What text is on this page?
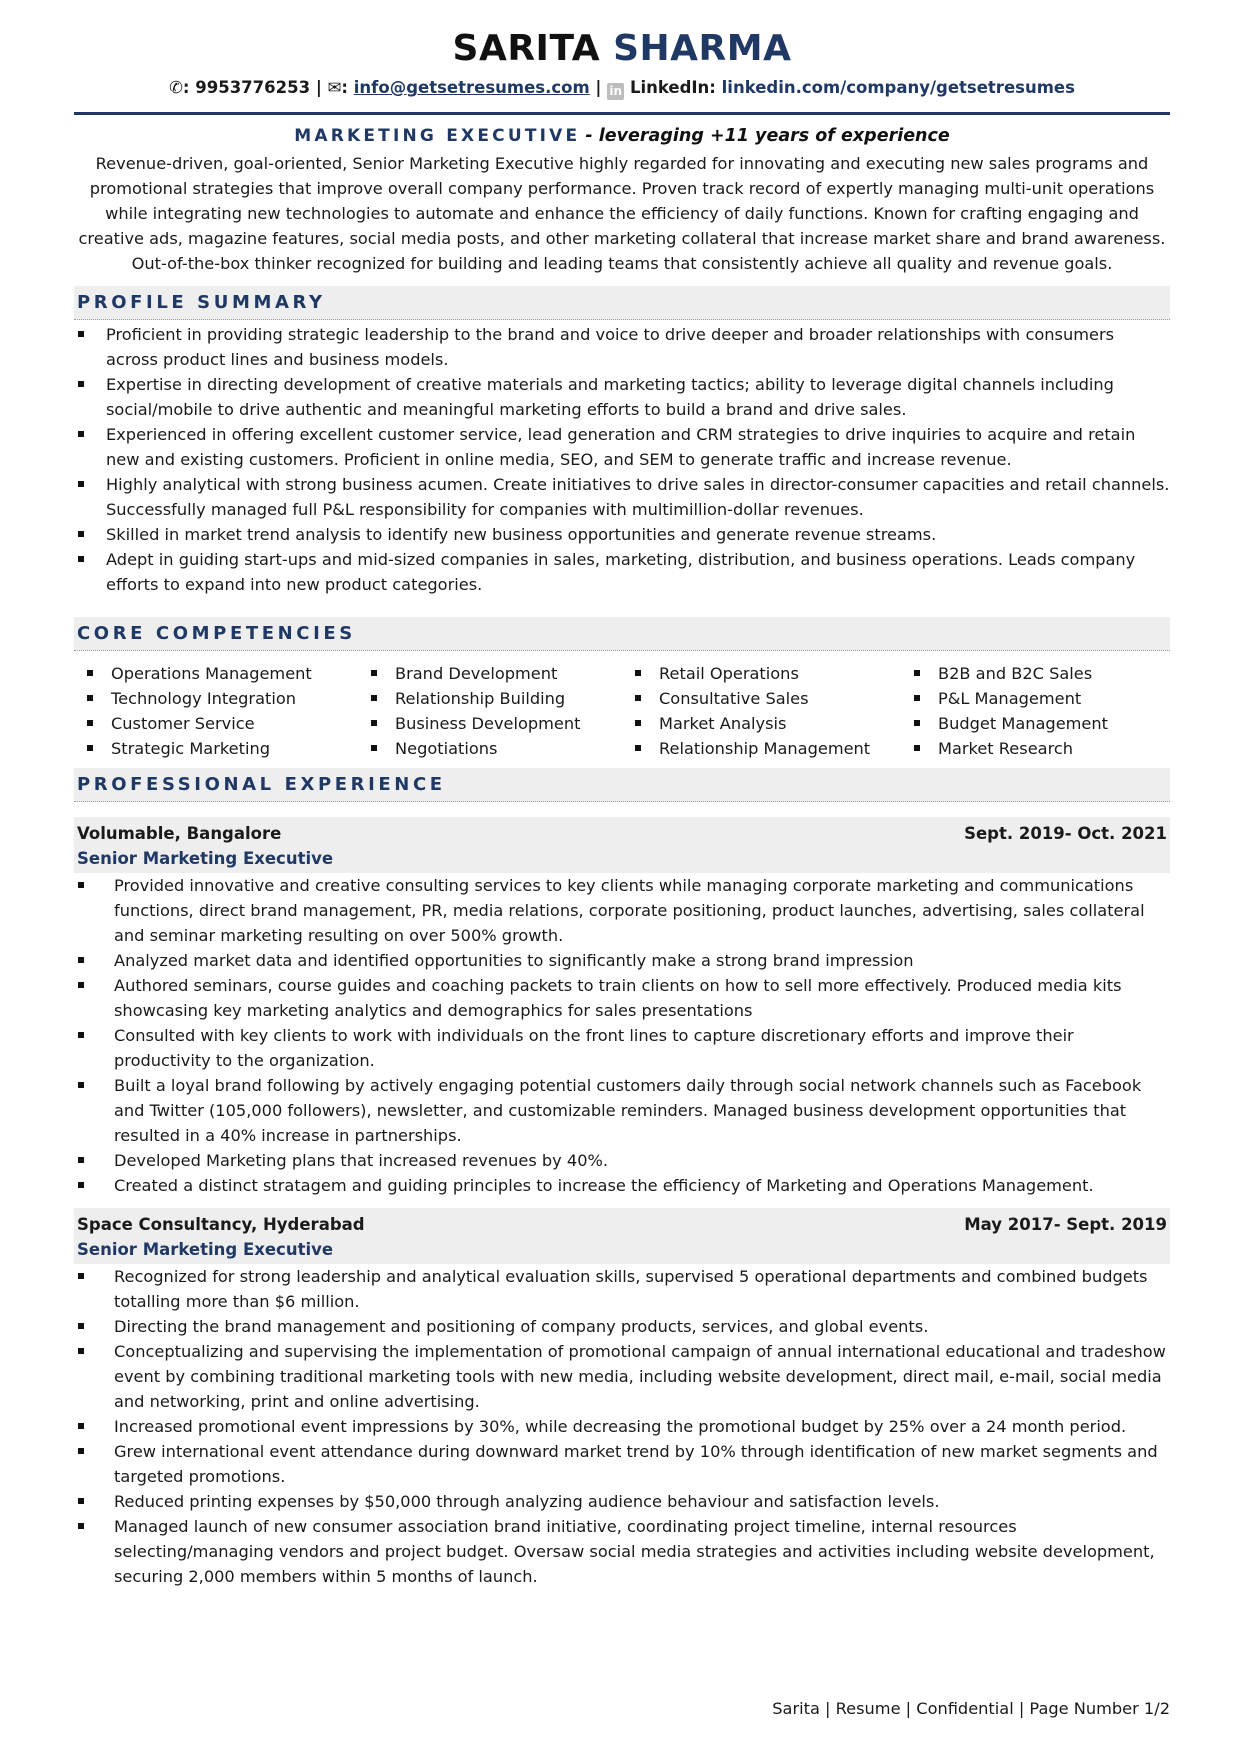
SARITA SHARMA
✆: 9953776253 | ✉: info@getsetresumes.com | in LinkedIn: linkedin.com/company/getsetresumes
MARKETING EXECUTIVE - leveraging +11 years of experience
Revenue-driven, goal-oriented, Senior Marketing Executive highly regarded for innovating and executing new sales programs and promotional strategies that improve overall company performance. Proven track record of expertly managing multi-unit operations while integrating new technologies to automate and enhance the efficiency of daily functions. Known for crafting engaging and creative ads, magazine features, social media posts, and other marketing collateral that increase market share and brand awareness. Out-of-the-box thinker recognized for building and leading teams that consistently achieve all quality and revenue goals.
PROFILE SUMMARY
Proficient in providing strategic leadership to the brand and voice to drive deeper and broader relationships with consumers across product lines and business models.
Expertise in directing development of creative materials and marketing tactics; ability to leverage digital channels including social/mobile to drive authentic and meaningful marketing efforts to build a brand and drive sales.
Experienced in offering excellent customer service, lead generation and CRM strategies to drive inquiries to acquire and retain new and existing customers. Proficient in online media, SEO, and SEM to generate traffic and increase revenue.
Highly analytical with strong business acumen. Create initiatives to drive sales in director-consumer capacities and retail channels. Successfully managed full P&L responsibility for companies with multimillion-dollar revenues.
Skilled in market trend analysis to identify new business opportunities and generate revenue streams.
Adept in guiding start-ups and mid-sized companies in sales, marketing, distribution, and business operations. Leads company efforts to expand into new product categories.
CORE COMPETENCIES
Operations Management
Technology Integration
Customer Service
Strategic Marketing
Brand Development
Relationship Building
Business Development
Negotiations
Retail Operations
Consultative Sales
Market Analysis
Relationship Management
B2B and B2C Sales
P&L Management
Budget Management
Market Research
PROFESSIONAL EXPERIENCE
Volumable, Bangalore	Sept. 2019- Oct. 2021
Senior Marketing Executive
Provided innovative and creative consulting services to key clients while managing corporate marketing and communications functions, direct brand management, PR, media relations, corporate positioning, product launches, advertising, sales collateral and seminar marketing resulting on over 500% growth.
Analyzed market data and identified opportunities to significantly make a strong brand impression
Authored seminars, course guides and coaching packets to train clients on how to sell more effectively. Produced media kits showcasing key marketing analytics and demographics for sales presentations
Consulted with key clients to work with individuals on the front lines to capture discretionary efforts and improve their productivity to the organization.
Built a loyal brand following by actively engaging potential customers daily through social network channels such as Facebook and Twitter (105,000 followers), newsletter, and customizable reminders. Managed business development opportunities that resulted in a 40% increase in partnerships.
Developed Marketing plans that increased revenues by 40%.
Created a distinct stratagem and guiding principles to increase the efficiency of Marketing and Operations Management.
Space Consultancy, Hyderabad	May 2017- Sept. 2019
Senior Marketing Executive
Recognized for strong leadership and analytical evaluation skills, supervised 5 operational departments and combined budgets totalling more than $6 million.
Directing the brand management and positioning of company products, services, and global events.
Conceptualizing and supervising the implementation of promotional campaign of annual international educational and tradeshow event by combining traditional marketing tools with new media, including website development, direct mail, e-mail, social media and networking, print and online advertising.
Increased promotional event impressions by 30%, while decreasing the promotional budget by 25% over a 24 month period.
Grew international event attendance during downward market trend by 10% through identification of new market segments and targeted promotions.
Reduced printing expenses by $50,000 through analyzing audience behaviour and satisfaction levels.
Managed launch of new consumer association brand initiative, coordinating project timeline, internal resources selecting/managing vendors and project budget. Oversaw social media strategies and activities including website development, securing 2,000 members within 5 months of launch.
Sarita | Resume | Confidential | Page Number 1/2
